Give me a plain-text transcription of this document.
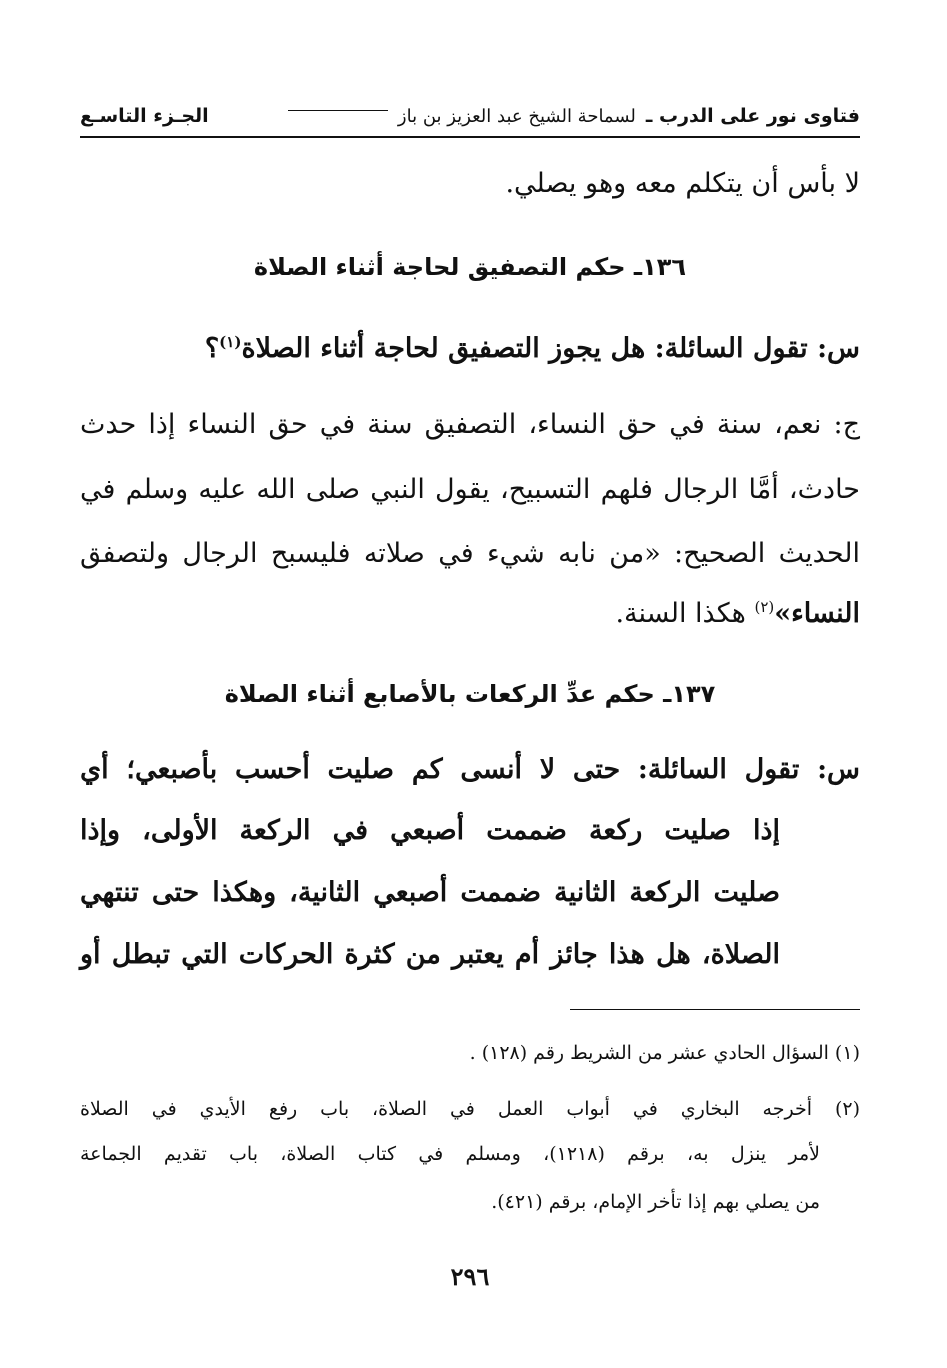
فتاوى نور على الدرب ـ
لسماحة الشيخ عبد العزيز بن باز
الجـزء التاسـع
لا بأس أن يتكلم معه وهو يصلي.
١٣٦ـ حكم التصفيق لحاجة أثناء الصلاة
س: تقول السائلة: هل يجوز التصفيق لحاجة أثناء الصلاة$^{(١)}$؟
ج: نعم، سنة في حق النساء، التصفيق سنة في حق النساء إذا حدث
حادث، أمَّا الرجال فلهم التسبيح، يقول النبي صلى الله عليه وسلم في
الحديث الصحيح: «من نابه شيء في صلاته فليسبح الرجال ولتصفق
النساء»$^{(٢)}$ هكذا السنة.
١٣٧ـ حكم عدِّ الركعات بالأصابع أثناء الصلاة
س: تقول السائلة: حتى لا أنسى كم صليت أحسب بأصبعي؛ أي
إذا صليت ركعة ضممت أصبعي في الركعة الأولى، وإذا
صليت الركعة الثانية ضممت أصبعي الثانية، وهكذا حتى تنتهي
الصلاة، هل هذا جائز أم يعتبر من كثرة الحركات التي تبطل أو
(١) السؤال الحادي عشر من الشريط رقم (١٢٨) .
(٢) أخرجه البخاري في أبواب العمل في الصلاة، باب رفع الأيدي في الصلاة
لأمر ينزل به، برقم (١٢١٨)، ومسلم في كتاب الصلاة، باب تقديم الجماعة
من يصلي بهم إذا تأخر الإمام، برقم (٤٢١).
٢٩٦
